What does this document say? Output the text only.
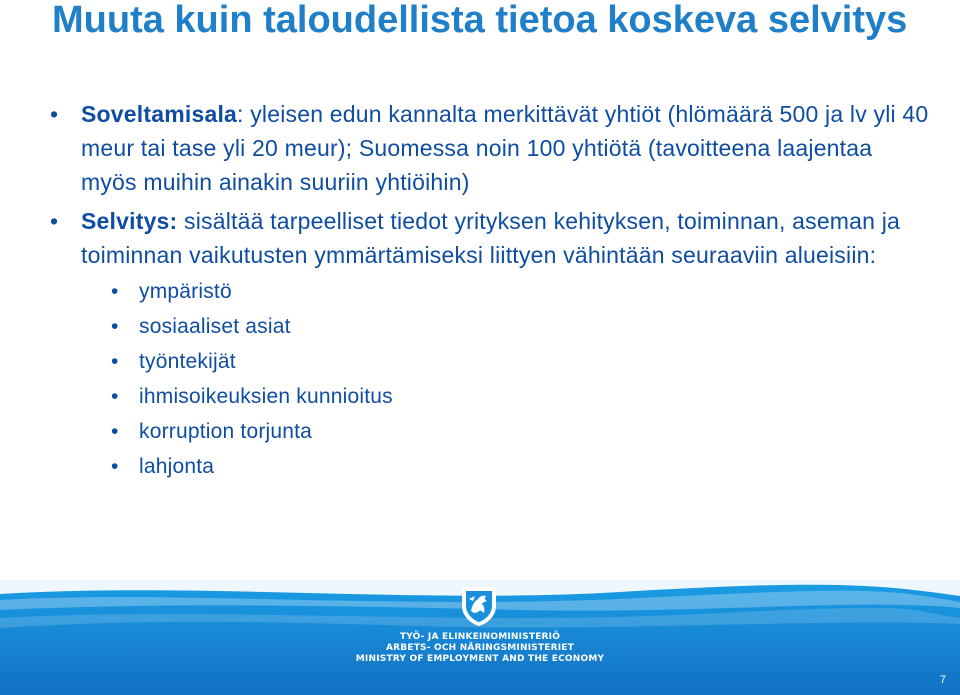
Muuta kuin taloudellista tietoa koskeva selvitys
• Soveltamisala: yleisen edun kannalta merkittävät yhtiöt (hlömäärä 500 ja lv yli 40 meur tai tase yli 20 meur); Suomessa noin 100 yhtiötä (tavoitteena laajentaa myös muihin ainakin suuriin yhtiöihin)
• Selvitys: sisältää tarpeelliset tiedot yrityksen kehityksen, toiminnan, aseman ja toiminnan vaikutusten ymmärtämiseksi liittyen vähintään seuraaviin alueisiin:
• ympäristö
• sosiaaliset asiat
• työntekijät
• ihmisoikeuksien kunnioitus
• korruption torjunta
• lahjonta
TYÖ- JA ELINKEINOMINISTERIÖ
ARBETS- OCH NÄRINGSMINISTERIET
MINISTRY OF EMPLOYMENT AND THE ECONOMY
7
